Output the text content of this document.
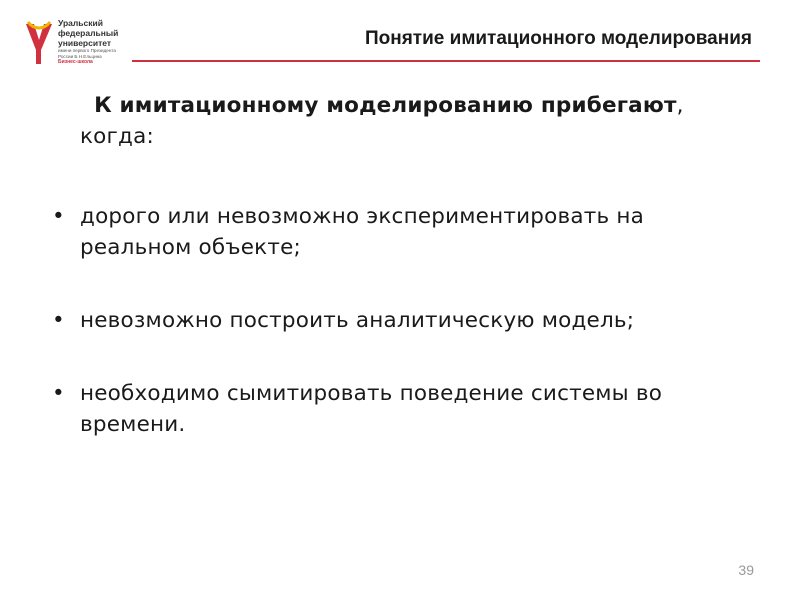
Уральский
федеральный
университет
имени первого Президента
России Б.Н.Ельцина
Бизнес-школа
Понятие имитационного моделирования
К имитационному моделированию прибегают, когда:
• дорого или невозможно экспериментировать на реальном объекте;
• невозможно построить аналитическую модель;
• необходимо сымитировать поведение системы во времени.
39
